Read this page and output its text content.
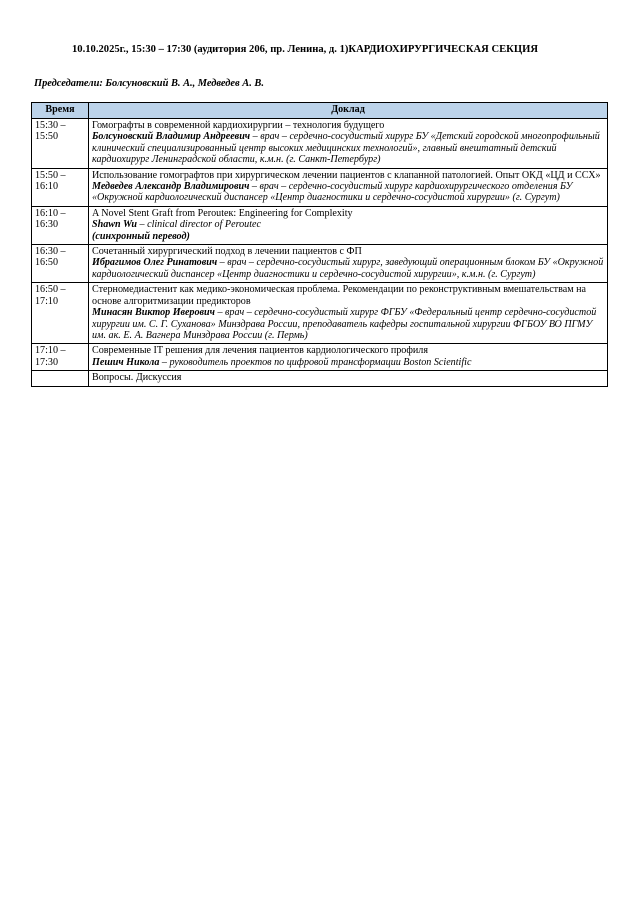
10.10.2025г., 15:30 – 17:30 (аудитория 206, пр. Ленина, д. 1)КАРДИОХИРУРГИЧЕСКАЯ СЕКЦИЯ
Председатели: Болсуновский В. А., Медведев А. В.
Время	Доклад
15:30 –
15:50	Гомографты в современной кардиохирургии – технология будущего
Болсуновский Владимир Андреевич – врач – сердечно-сосудистый хирург БУ «Детский городской многопрофильный клинический специализированный центр высоких медицинских технологий», главный внештатный детский кардиохирург Ленинградской области, к.м.н. (г. Санкт-Петербург)

15:50 –
16:10	Использование гомографтов при хирургическом лечении пациентов с клапанной патологией. Опыт ОКД «ЦД и ССХ»
Медведев Александр Владимирович – врач – сердечно-сосудистый хирург кардиохирургического отделения БУ «Окружной кардиологический диспансер «Центр диагностики и сердечно-сосудистой хирургии» (г. Сургут)

16:10 –
16:30	A Novel Stent Graft from Perouteк: Engineering for Complexity
Shawn Wu – clinical director of Perouteс
(синхронный перевод)

16:30 –
16:50	Сочетанный хирургический подход в лечении пациентов с ФП
Ибрагимов Олег Ринатович – врач – сердечно-сосудистый хирург, заведующий операционным блоком БУ «Окружной кардиологический диспансер «Центр диагностики и сердечно-сосудистой хирургии», к.м.н. (г. Сургут)

16:50 –
17:10	Стерномедиастенит как медико-экономическая проблема. Рекомендации по реконструктивным вмешательствам на основе алгоритмизации предикторов
Минасян Виктор Иверович – врач – сердечно-сосудистый хирург ФГБУ «Федеральный центр сердечно-сосудистой хирургии им. С. Г. Суханова» Минздрава России, преподаватель кафедры госпитальной хирургии ФГБОУ ВО ПГМУ им. ак. Е. А. Вагнера Минздрава России (г. Пермь)

17:10 –
17:30	Современные IT решения для лечения пациентов кардиологического профиля
Пешич Никола – руководитель проектов по цифровой трансформации Boston Scientific

	Вопросы. Дискуссия
